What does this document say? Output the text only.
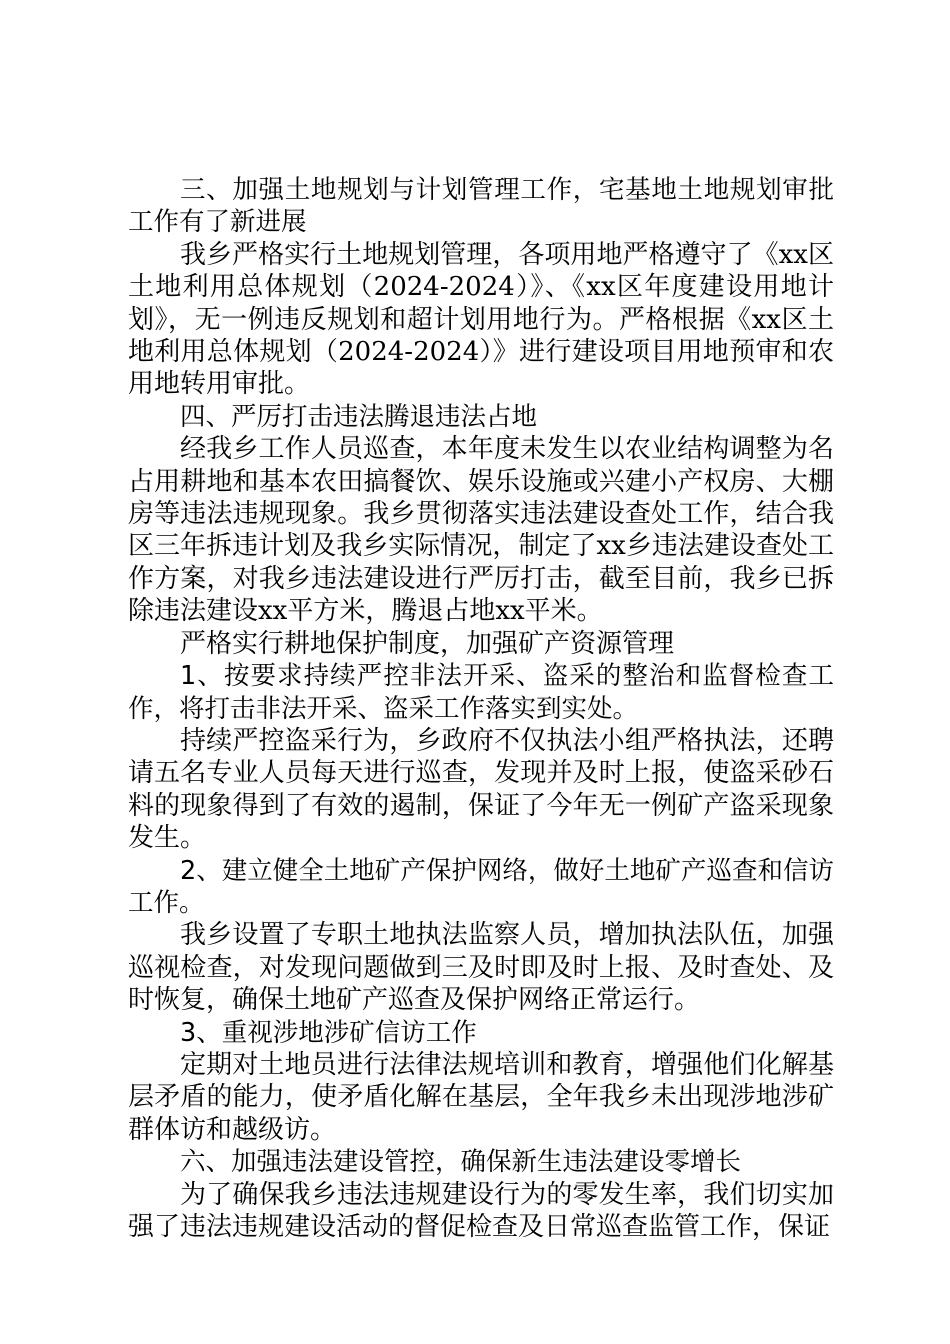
三、加强土地规划与计划管理工作，宅基地土地规划审批工作有了新进展

我乡严格实行土地规划管理，各项用地严格遵守了《xx区土地利用总体规划（2024-2024）》、《xx区年度建设用地计划》，无一例违反规划和超计划用地行为。严格根据《xx区土地利用总体规划（2024-2024）》进行建设项目用地预审和农用地转用审批。

四、严厉打击违法腾退违法占地

经我乡工作人员巡查，本年度未发生以农业结构调整为名占用耕地和基本农田搞餐饮、娱乐设施或兴建小产权房、大棚房等违法违规现象。我乡贯彻落实违法建设查处工作，结合我区三年拆违计划及我乡实际情况，制定了xx乡违法建设查处工作方案，对我乡违法建设进行严厉打击，截至目前，我乡已拆除违法建设xx平方米，腾退占地xx平米。

严格实行耕地保护制度，加强矿产资源管理

1、按要求持续严控非法开采、盗采的整治和监督检查工作，将打击非法开采、盗采工作落实到实处。

持续严控盗采行为，乡政府不仅执法小组严格执法，还聘请五名专业人员每天进行巡查，发现并及时上报，使盗采砂石料的现象得到了有效的遏制，保证了今年无一例矿产盗采现象发生。

2、建立健全土地矿产保护网络，做好土地矿产巡查和信访工作。

我乡设置了专职土地执法监察人员，增加执法队伍，加强巡视检查，对发现问题做到三及时即及时上报、及时查处、及时恢复，确保土地矿产巡查及保护网络正常运行。

3、重视涉地涉矿信访工作

定期对土地员进行法律法规培训和教育，增强他们化解基层矛盾的能力，使矛盾化解在基层，全年我乡未出现涉地涉矿群体访和越级访。

六、加强违法建设管控，确保新生违法建设零增长

为了确保我乡违法违规建设行为的零发生率，我们切实加强了违法违规建设活动的督促检查及日常巡查监管工作，保证
